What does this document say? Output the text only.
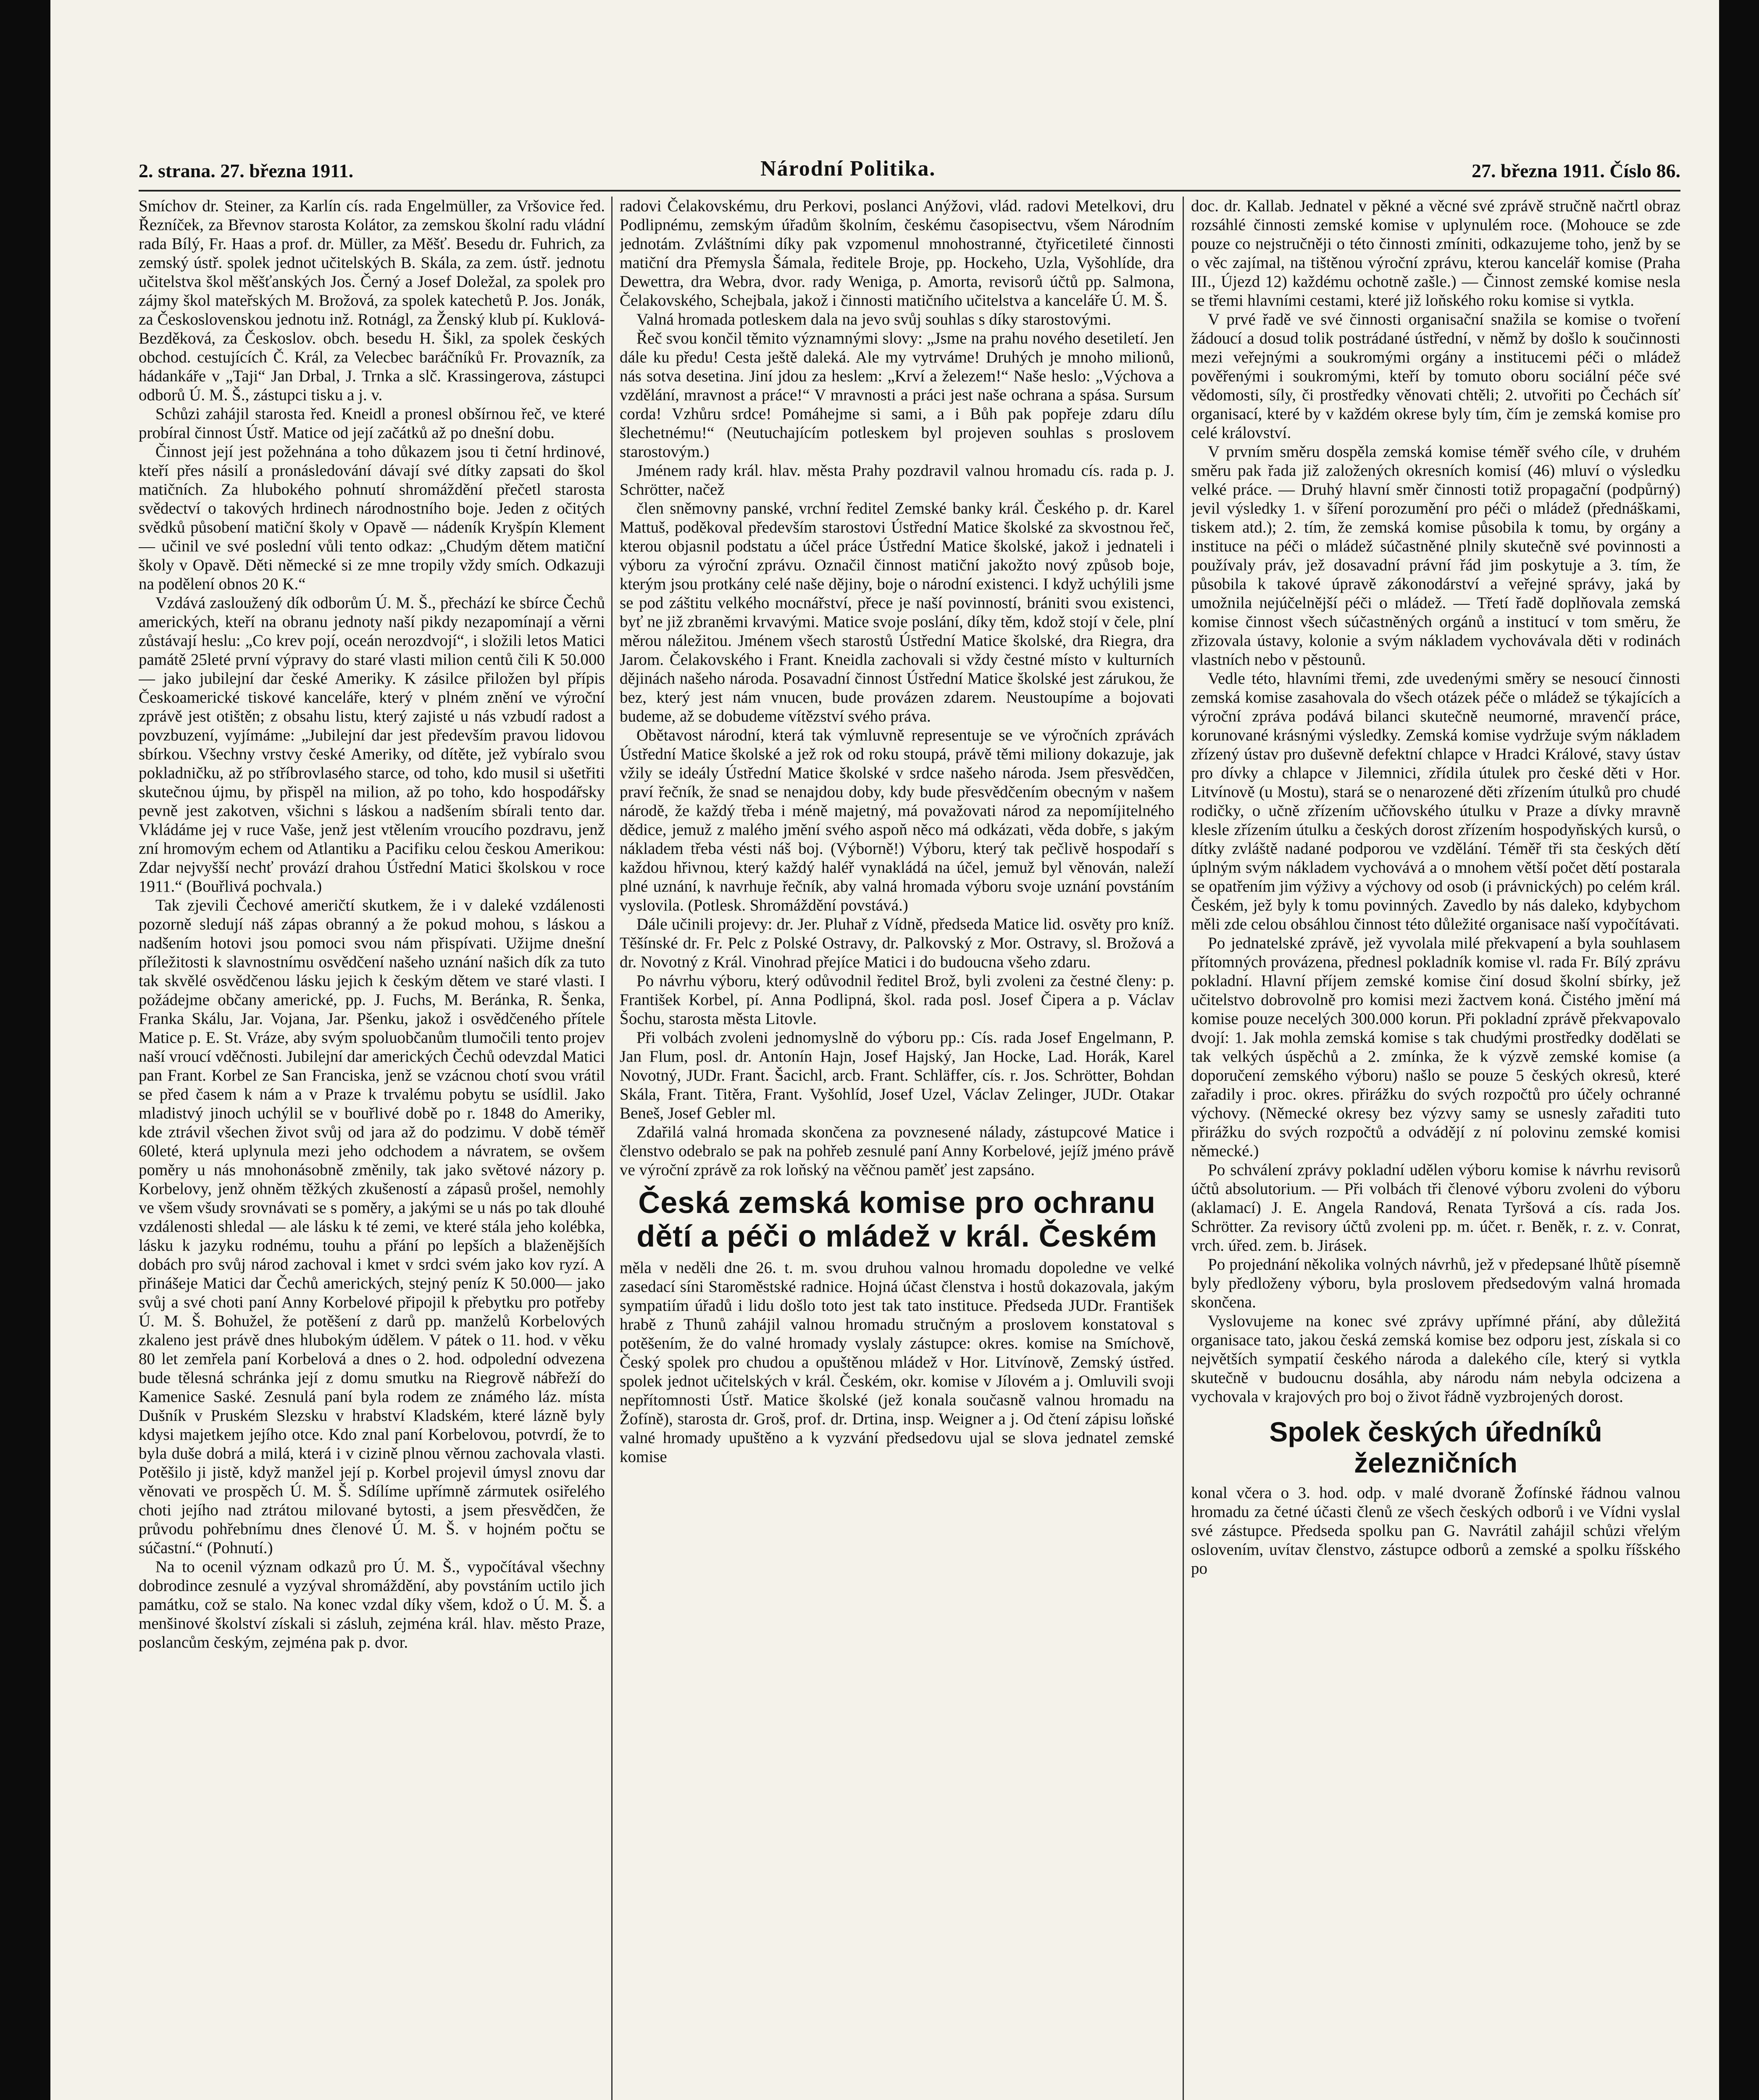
2. strana. 27. března 1911.	Národní Politika.	27. března 1911. Číslo 86.

Smíchov dr. Steiner, za Karlín cís. rada Engelmüller, za Vršovice řed. Řezníček, za Břevnov starosta Kolátor, za zemskou školní radu vládní rada Bílý, Fr. Haas a prof. dr. Müller, za Měšť. Besedu dr. Fuhrich, za zemský ústř. spolek jednot učitelských B. Skála, za zem. ústř. jednotu učitelstva škol měšťanských Jos. Černý a Josef Doležal, za spolek pro zájmy škol mateřských M. Brožová, za spolek katechetů P. Jos. Jonák, za Československou jednotu inž. Rotnágl, za Ženský klub pí. Kuklová-Bezděková, za Českoslov. obch. besedu H. Šikl, za spolek českých obchod. cestujících Č. Král, za Velecbec baráčníků Fr. Provazník, za hádankáře v „Taji“ Jan Drbal, J. Trnka a slč. Krassingerova, zástupci odborů Ú. M. Š., zástupci tisku a j. v.

Schůzi zahájil starosta řed. Kneidl a pronesl obšírnou řeč, ve které probíral činnost Ústř. Matice od její začátků až po dnešní dobu.

Činnost její jest požehnána a toho důkazem jsou ti četní hrdinové, kteří přes násilí a pronásledování dávají své dítky zapsati do škol matičních. Za hlubokého pohnutí shromáždění přečetl starosta svědectví o takových hrdinech národnostního boje. Jeden z očitých svědků působení matiční školy v Opavě — nádeník Kryšpín Klement — učinil ve své poslední vůli tento odkaz: „Chudým dětem matiční školy v Opavě. Děti německé si ze mne tropily vždy smích. Odkazuji na podělení obnos 20 K.“

Vzdává zasloužený dík odborům Ú. M. Š., přechází ke sbírce Čechů amerických, kteří na obranu jednoty naší pikdy nezapomínají a věrni zůstávají heslu: „Co krev pojí, oceán nerozdvojí“, i složili letos Matici památě 25leté první výpravy do staré vlasti milion centů čili K 50.000— jako jubilejní dar české Ameriky. K zásilce přiložen byl přípis Českoamerické tiskové kanceláře, který v plném znění ve výroční zprávě jest otištěn; z obsahu listu, který zajisté u nás vzbudí radost a povzbuzení, vyjímáme: „Jubilejní dar jest především pravou lidovou sbírkou. Všechny vrstvy české Ameriky, od dítěte, jež vybíralo svou pokladničku, až po stříbrovlasého starce, od toho, kdo musil si ušetřiti skutečnou újmu, by přispěl na milion, až po toho, kdo hospodářsky pevně jest zakotven, všichni s láskou a nadšením sbírali tento dar. Vkládáme jej v ruce Vaše, jenž jest vtělením vroucího pozdravu, jenž zní hromovým echem od Atlantiku a Pacifiku celou českou Amerikou: Zdar nejvyšší nechť provází drahou Ústřední Matici školskou v roce 1911.“ (Bouřlivá pochvala.)

Tak zjevili Čechové američtí skutkem, že i v daleké vzdálenosti pozorně sledují náš zápas obranný a že pokud mohou, s láskou a nadšením hotovi jsou pomoci svou nám přispívati. Užijme dnešní příležitosti k slavnostnímu osvědčení našeho uznání našich dík za tuto tak skvělé osvědčenou lásku jejich k českým dětem ve staré vlasti. I požádejme občany americké, pp. J. Fuchs, M. Beránka, R. Šenka, Franka Skálu, Jar. Vojana, Jar. Pšenku, jakož i osvědčeného přítele Matice p. E. St. Vráze, aby svým spoluobčanům tlumočili tento projev naší vroucí vděčnosti. Jubilejní dar amerických Čechů odevzdal Matici pan Frant. Korbel ze San Franciska, jenž se vzácnou chotí svou vrátil se před časem k nám a v Praze k trvalému pobytu se usídlil. Jako mladistvý jinoch uchýlil se v bouřlivé době po r. 1848 do Ameriky, kde ztrávil všechen život svůj od jara až do podzimu. V době téměř 60leté, která uplynula mezi jeho odchodem a návratem, se ovšem poměry u nás mnohonásobně změnily, tak jako světové názory p. Korbelovy, jenž ohněm těžkých zkušeností a zápasů prošel, nemohly ve všem všudy srovnávati se s poměry, a jakými se u nás po tak dlouhé vzdálenosti shledal — ale lásku k té zemi, ve které stála jeho kolébka, lásku k jazyku rodnému, touhu a přání po lepších a blaženějších dobách pro svůj národ zachoval i kmet v srdci svém jako kov ryzí. A přinášeje Matici dar Čechů amerických, stejný peníz K 50.000— jako svůj a své choti paní Anny Korbelové připojil k přebytku pro potřeby Ú. M. Š. Bohužel, že potěšení z darů pp. manželů Korbelových zkaleno jest právě dnes hlubokým údělem. V pátek o 11. hod. v věku 80 let zemřela paní Korbelová a dnes o 2. hod. odpolední odvezena bude tělesná schránka její z domu smutku na Riegrově nábřeží do Kamenice Saské. Zesnulá paní byla rodem ze známého láz. místa Dušník v Pruském Slezsku v hrabství Kladském, které lázně byly kdysi majetkem jejího otce. Kdo znal paní Korbelovou, potvrdí, že to byla duše dobrá a milá, která i v cizině plnou věrnou zachovala vlasti. Potěšilo ji jistě, když manžel její p. Korbel projevil úmysl znovu dar věnovati ve prospěch Ú. M. Š. Sdílíme upřímně zármutek osiřelého choti jejího nad ztrátou milované bytosti, a jsem přesvědčen, že průvodu pohřebnímu dnes členové Ú. M. Š. v hojném počtu se súčastní.“ (Pohnutí.)

Na to ocenil význam odkazů pro Ú. M. Š., vypočítával všechny dobrodince zesnulé a vyzýval shromáždění, aby povstáním uctilo jich památku, což se stalo. Na konec vzdal díky všem, kdož o Ú. M. Š. a menšinové školství získali si zásluh, zejména král. hlav. město Praze, poslancům českým, zejména pak p. dvor.

radovi Čelakovskému, dru Perkovi, poslanci Anýžovi, vlád. radovi Metelkovi, dru Podlipnému, zemským úřadům školním, českému časopisectvu, všem Národním jednotám. Zvláštními díky pak vzpomenul mnohostranné, čtyřicetileté činnosti matiční dra Přemysla Šámala, ředitele Broje, pp. Hockeho, Uzla, Vyšohlíde, dra Dewettra, dra Webra, dvor. rady Weniga, p. Amorta, revisorů účtů pp. Salmona, Čelakovského, Schejbala, jakož i činnosti matičního učitelstva a kanceláře Ú. M. Š.

Valná hromada potleskem dala na jevo svůj souhlas s díky starostovými.

Řeč svou končil těmito významnými slovy: „Jsme na prahu nového desetiletí. Jen dále ku předu! Cesta ještě daleká. Ale my vytrváme! Druhých je mnoho milionů, nás sotva desetina. Jiní jdou za heslem: „Krví a železem!“ Naše heslo: „Výchova a vzdělání, mravnost a práce!“ V mravnosti a práci jest naše ochrana a spása. Sursum corda! Vzhůru srdce! Pomáhejme si sami, a i Bůh pak popřeje zdaru dílu šlechetnému!“ (Neutuchajícím potleskem byl projeven souhlas s proslovem starostovým.)

Jménem rady král. hlav. města Prahy pozdravil valnou hromadu cís. rada p. J. Schrötter, načež

člen sněmovny panské, vrchní ředitel Zemské banky král. Českého p. dr. Karel Mattuš, poděkoval především starostovi Ústřední Matice školské za skvostnou řeč, kterou objasnil podstatu a účel práce Ústřední Matice školské, jakož i jednateli i výboru za výroční zprávu. Označil činnost matiční jakožto nový způsob boje, kterým jsou protkány celé naše dějiny, boje o národní existenci. I když uchýlili jsme se pod záštitu velkého mocnářství, přece je naší povinností, brániti svou existenci, byť ne již zbraněmi krvavými. Matice svoje poslání, díky těm, kdož stojí v čele, plní měrou náležitou. Jménem všech starostů Ústřední Matice školské, dra Riegra, dra Jarom. Čelakovského i Frant. Kneidla zachovali si vždy čestné místo v kulturních dějinách našeho národa. Posavadní činnost Ústřední Matice školské jest zárukou, že bez, který jest nám vnucen, bude provázen zdarem. Neustoupíme a bojovati budeme, až se dobudeme vítězství svého práva.

Obětavost národní, která tak výmluvně representuje se ve výročních zprávách Ústřední Matice školské a jež rok od roku stoupá, právě těmi miliony dokazuje, jak vžily se ideály Ústřední Matice školské v srdce našeho národa. Jsem přesvědčen, praví řečník, že snad se nenajdou doby, kdy bude přesvědčením obecným v našem národě, že každý třeba i méně majetný, má považovati národ za nepomíjitelného dědice, jemuž z malého jmění svého aspoň něco má odkázati, věda dobře, s jakým nákladem třeba vésti náš boj. (Výborně!) Výboru, který tak pečlivě hospodaří s každou hřivnou, který každý haléř vynakládá na účel, jemuž byl věnován, naleží plné uznání, k navrhuje řečník, aby valná hromada výboru svoje uznání povstáním vyslovila. (Potlesk. Shromáždění povstává.)

Dále učinili projevy: dr. Jer. Pluhař z Vídně, předseda Matice lid. osvěty pro kníž. Těšínské dr. Fr. Pelc z Polské Ostravy, dr. Palkovský z Mor. Ostravy, sl. Brožová a dr. Novotný z Král. Vinohrad přejíce Matici i do budoucna všeho zdaru.

Po návrhu výboru, který odůvodnil ředitel Brož, byli zvoleni za čestné členy: p. František Korbel, pí. Anna Podlipná, škol. rada posl. Josef Čipera a p. Václav Šochu, starosta města Litovle.

Při volbách zvoleni jednomyslně do výboru pp.: Cís. rada Josef Engelmann, P. Jan Flum, posl. dr. Antonín Hajn, Josef Hajský, Jan Hocke, Lad. Horák, Karel Novotný, JUDr. Frant. Šacichl, arcb. Frant. Schläffer, cís. r. Jos. Schrötter, Bohdan Skála, Frant. Titěra, Frant. Vyšohlíd, Josef Uzel, Václav Zelinger, JUDr. Otakar Beneš, Josef Gebler ml.

Zdařilá valná hromada skončena za povznesené nálady, zástupcové Matice i členstvo odebralo se pak na pohřeb zesnulé paní Anny Korbelové, jejíž jméno právě ve výroční zprávě za rok loňský na věčnou paměť jest zapsáno.

Česká zemská komise pro ochranu dětí a péči o mládež v král. Českém

měla v neděli dne 26. t. m. svou druhou valnou hromadu dopoledne ve velké zasedací síni Staroměstské radnice. Hojná účast členstva i hostů dokazovala, jakým sympatiím úřadů i lidu došlo toto jest tak tato instituce. Předseda JUDr. František hrabě z Thunů zahájil valnou hromadu stručným a proslovem konstatoval s potěšením, že do valné hromady vyslaly zástupce: okres. komise na Smíchově, Český spolek pro chudou a opuštěnou mládež v Hor. Litvínově, Zemský ústřed. spolek jednot učitelských v král. Českém, okr. komise v Jílovém a j. Omluvili svoji nepřítomnosti Ústř. Matice školské (jež konala současně valnou hromadu na Žofíně), starosta dr. Groš, prof. dr. Drtina, insp. Weigner a j. Od čtení zápisu loňské valné hromady upuštěno a k vyzvání předsedovu ujal se slova jednatel zemské komise

doc. dr. Kallab. Jednatel v pěkné a věcné své zprávě stručně načrtl obraz rozsáhlé činnosti zemské komise v uplynulém roce. (Mohouce se zde pouze co nejstručněji o této činnosti zmíniti, odkazujeme toho, jenž by se o věc zajímal, na tištěnou výroční zprávu, kterou kancelář komise (Praha III., Újezd 12) každému ochotně zašle.) — Činnost zemské komise nesla se třemi hlavními cestami, které již loňského roku komise si vytkla.

V prvé řadě ve své činnosti organisační snažila se komise o tvoření žádoucí a dosud tolik postrádané ústřední, v němž by došlo k součinnosti mezi veřejnými a soukromými orgány a institucemi péči o mládež pověřenými i soukromými, kteří by tomuto oboru sociální péče své vědomosti, síly, či prostředky věnovati chtěli; 2. utvořiti po Čechách síť organisací, které by v každém okrese byly tím, čím je zemská komise pro celé království.

V prvním směru dospěla zemská komise téměř svého cíle, v druhém směru pak řada již založených okresních komisí (46) mluví o výsledku velké práce. — Druhý hlavní směr činnosti totiž propagační (podpůrný) jevil výsledky 1. v šíření porozumění pro péči o mládež (přednáškami, tiskem atd.); 2. tím, že zemská komise působila k tomu, by orgány a instituce na péči o mládež súčastněné plnily skutečně své povinnosti a používaly práv, jež dosavadní právní řád jim poskytuje a 3. tím, že působila k takové úpravě zákonodárství a veřejné správy, jaká by umožnila nejúčelnější péči o mládež. — Třetí řadě doplňovala zemská komise činnost všech súčastněných orgánů a institucí v tom směru, že zřizovala ústavy, kolonie a svým nákladem vychovávala děti v rodinách vlastních nebo v pěstounů.

Vedle této, hlavními třemi, zde uvedenými směry se nesoucí činnosti zemská komise zasahovala do všech otázek péče o mládež se týkajících a výroční zpráva podává bilanci skutečně neumorné, mravenčí práce, korunované krásnými výsledky. Zemská komise vydržuje svým nákladem zřízený ústav pro duševně defektní chlapce v Hradci Králové, stavy ústav pro dívky a chlapce v Jilemnici, zřídila útulek pro české děti v Hor. Litvínově (u Mostu), stará se o nenarozené děti zřízením útulků pro chudé rodičky, o učně zřízením učňovského útulku v Praze a dívky mravně klesle zřízením útulku a českých dorost zřízením hospodyňských kursů, o dítky zvláště nadané podporou ve vzdělání. Téměř tři sta českých dětí úplným svým nákladem vychovává a o mnohem větší počet dětí postarala se opatřením jim výživy a výchovy od osob (i právnických) po celém král. Českém, jež byly k tomu povinných. Zavedlo by nás daleko, kdybychom měli zde celou obsáhlou činnost této důležité organisace naší vypočítávati.

Po jednatelské zprávě, jež vyvolala milé překvapení a byla souhlasem přítomných provázena, přednesl pokladník komise vl. rada Fr. Bílý zprávu pokladní. Hlavní příjem zemské komise činí dosud školní sbírky, jež učitelstvo dobrovolně pro komisi mezi žactvem koná. Čistého jmění má komise pouze necelých 300.000 korun. Při pokladní zprávě překvapovalo dvojí: 1. Jak mohla zemská komise s tak chudými prostředky dodělati se tak velkých úspěchů a 2. zmínka, že k výzvě zemské komise (a doporučení zemského výboru) našlo se pouze 5 českých okresů, které zařadily i proc. okres. přirážku do svých rozpočtů pro účely ochranné výchovy. (Německé okresy bez výzvy samy se usnesly zařaditi tuto přirážku do svých rozpočtů a odvádějí z ní polovinu zemské komisi německé.)

Po schválení zprávy pokladní udělen výboru komise k návrhu revisorů účtů absolutorium. — Při volbách tři členové výboru zvoleni do výboru (aklamací) J. E. Angela Randová, Renata Tyršová a cís. rada Jos. Schrötter. Za revisory účtů zvoleni pp. m. účet. r. Beněk, r. z. v. Conrat, vrch. úřed. zem. b. Jirásek.

Po projednání několika volných návrhů, jež v předepsané lhůtě písemně byly předloženy výboru, byla proslovem předsedovým valná hromada skončena.

Vyslovujeme na konec své zprávy upřímné přání, aby důležitá organisace tato, jakou česká zemská komise bez odporu jest, získala si co největších sympatií českého národa a dalekého cíle, který si vytkla skutečně v budoucnu dosáhla, aby národu nám nebyla odcizena a vychovala v krajových pro boj o život řádně vyzbrojených dorost.

Spolek českých úředníků železničních

konal včera o 3. hod. odp. v malé dvoraně Žofínské řádnou valnou hromadu za četné účasti členů ze všech českých odborů i ve Vídni vyslal své zástupce. Předseda spolku pan G. Navrátil zahájil schůzi vřelým oslovením, uvítav členstvo, zástupce odborů a zemské a spolku říšského po
